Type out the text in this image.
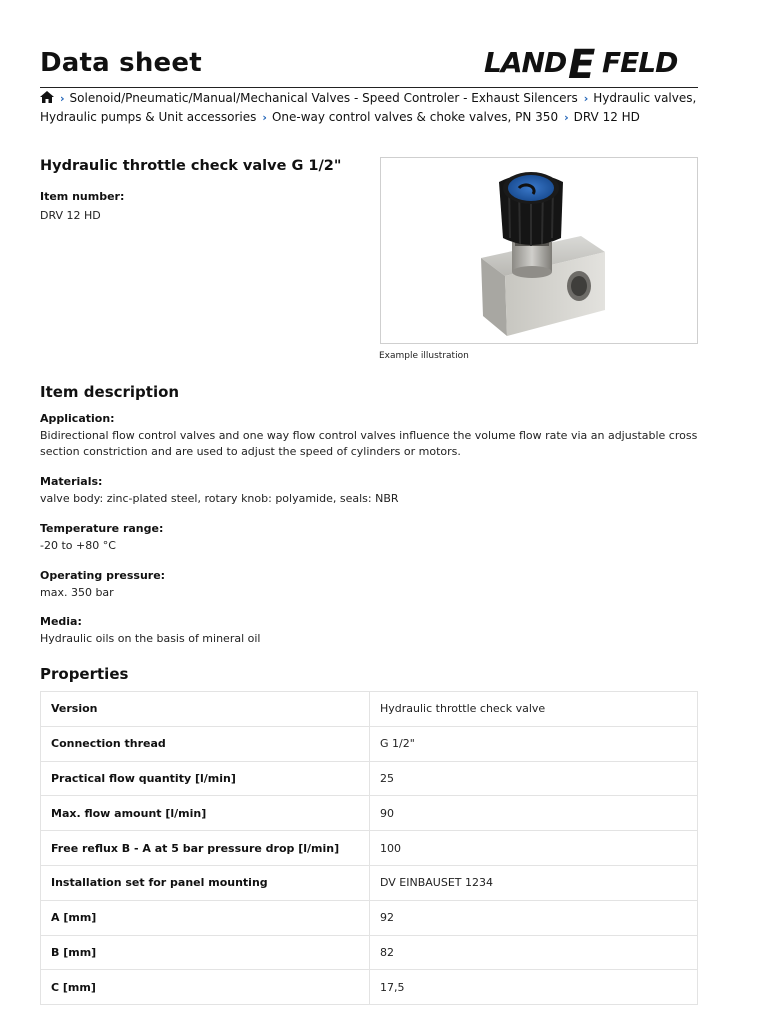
Data sheet	LAND E FELD
› Solenoid/Pneumatic/Manual/Mechanical Valves - Speed Controler - Exhaust Silencers › Hydraulic valves, Hydraulic pumps & Unit accessories › One-way control valves & choke valves, PN 350 › DRV 12 HD
Hydraulic throttle check valve G 1/2"
Item number:
DRV 12 HD
Example illustration
Item description
Application:
Bidirectional flow control valves and one way flow control valves influence the volume flow rate via an adjustable cross section constriction and are used to adjust the speed of cylinders or motors.
Materials:
valve body: zinc-plated steel, rotary knob: polyamide, seals: NBR
Temperature range:
-20 to +80 °C
Operating pressure:
max. 350 bar
Media:
Hydraulic oils on the basis of mineral oil
Properties
Version	Hydraulic throttle check valve
Connection thread	G 1/2"
Practical flow quantity [l/min]	25
Max. flow amount [l/min]	90
Free reflux B - A at 5 bar pressure drop [l/min]	100
Installation set for panel mounting	DV EINBAUSET 1234
A [mm]	92
B [mm]	82
C [mm]	17,5
